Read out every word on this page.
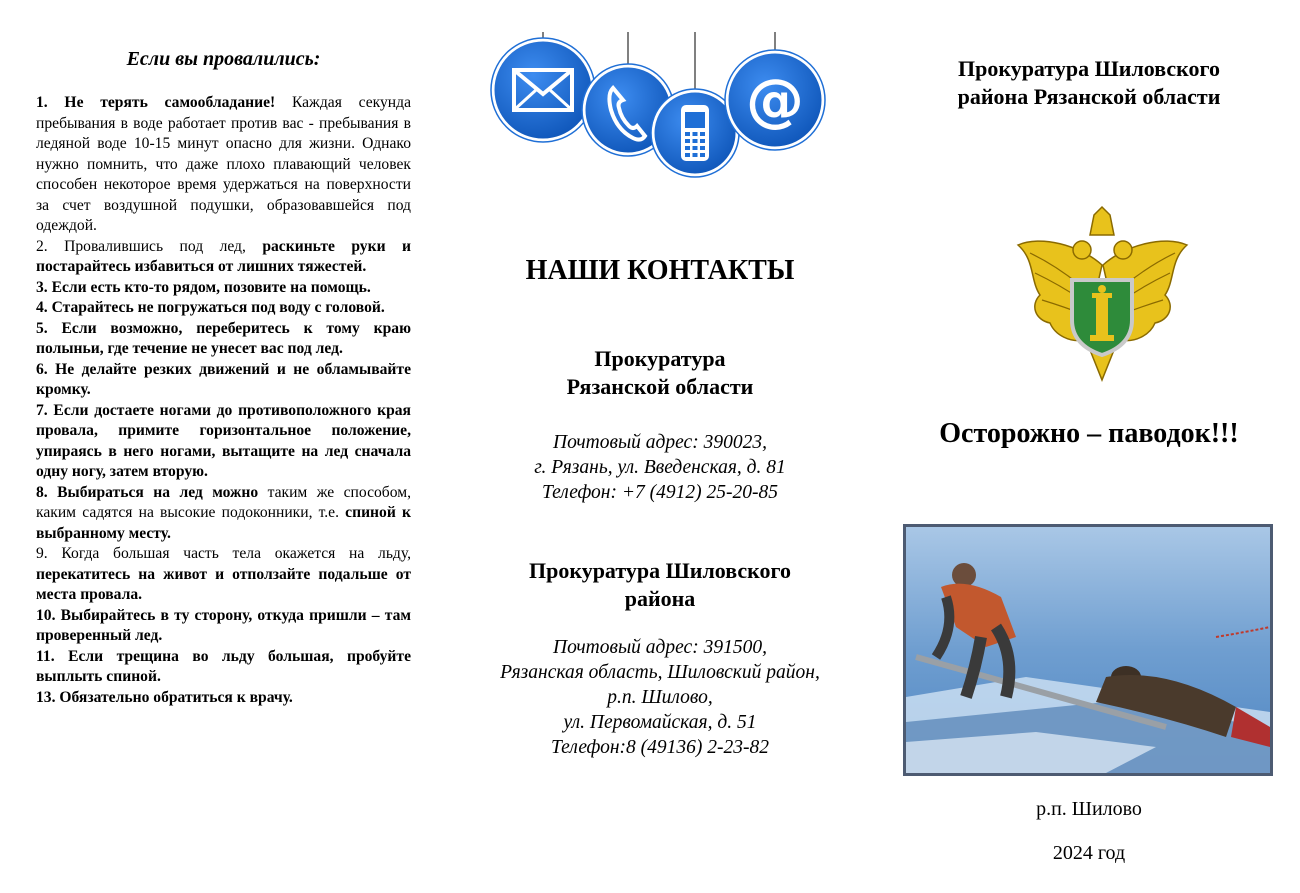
Если вы провалились:

1. Не терять самообладание! Каждая секунда пребывания в воде работает против вас - пребывания в ледяной воде 10-15 минут опасно для жизни. Однако нужно помнить, что даже плохо плавающий человек способен некоторое время удержаться на поверхности за счет воздушной подушки, образовавшейся под одеждой.

2. Провалившись под лед, раскиньте руки и постарайтесь избавиться от лишних тяжестей.

3. Если есть кто-то рядом, позовите на помощь.

4. Старайтесь не погружаться под воду с головой.

5. Если возможно, переберитесь к тому краю полыньи, где течение не унесет вас под лед.

6. Не делайте резких движений и не обламывайте кромку.

7. Если достаете ногами до противоположного края провала, примите горизонтальное положение, упираясь в него ногами, вытащите на лед сначала одну ногу, затем вторую.

8. Выбираться на лед можно таким же способом, каким садятся на высокие подоконники, т.е. спиной к выбранному месту.

9. Когда большая часть тела окажется на льду, перекатитесь на живот и отползайте подальше от места провала.

10. Выбирайтесь в ту сторону, откуда пришли – там проверенный лед.

11. Если трещина во льду большая, пробуйте выплыть спиной.

13. Обязательно обратиться к врачу.

@
НАШИ КОНТАКТЫ
Прокуратура
Рязанской области
Почтовый адрес: 390023,
г. Рязань, ул. Введенская, д. 81
Телефон: +7 (4912) 25-20-85
Прокуратура Шиловского
района
Почтовый адрес: 391500,
Рязанская область, Шиловский район,
р.п. Шилово,
ул. Первомайская, д. 51
Телефон:8 (49136) 2-23-82
Прокуратура Шиловского
района Рязанской области
Осторожно – паводок!!!
р.п. Шилово
2024 год
